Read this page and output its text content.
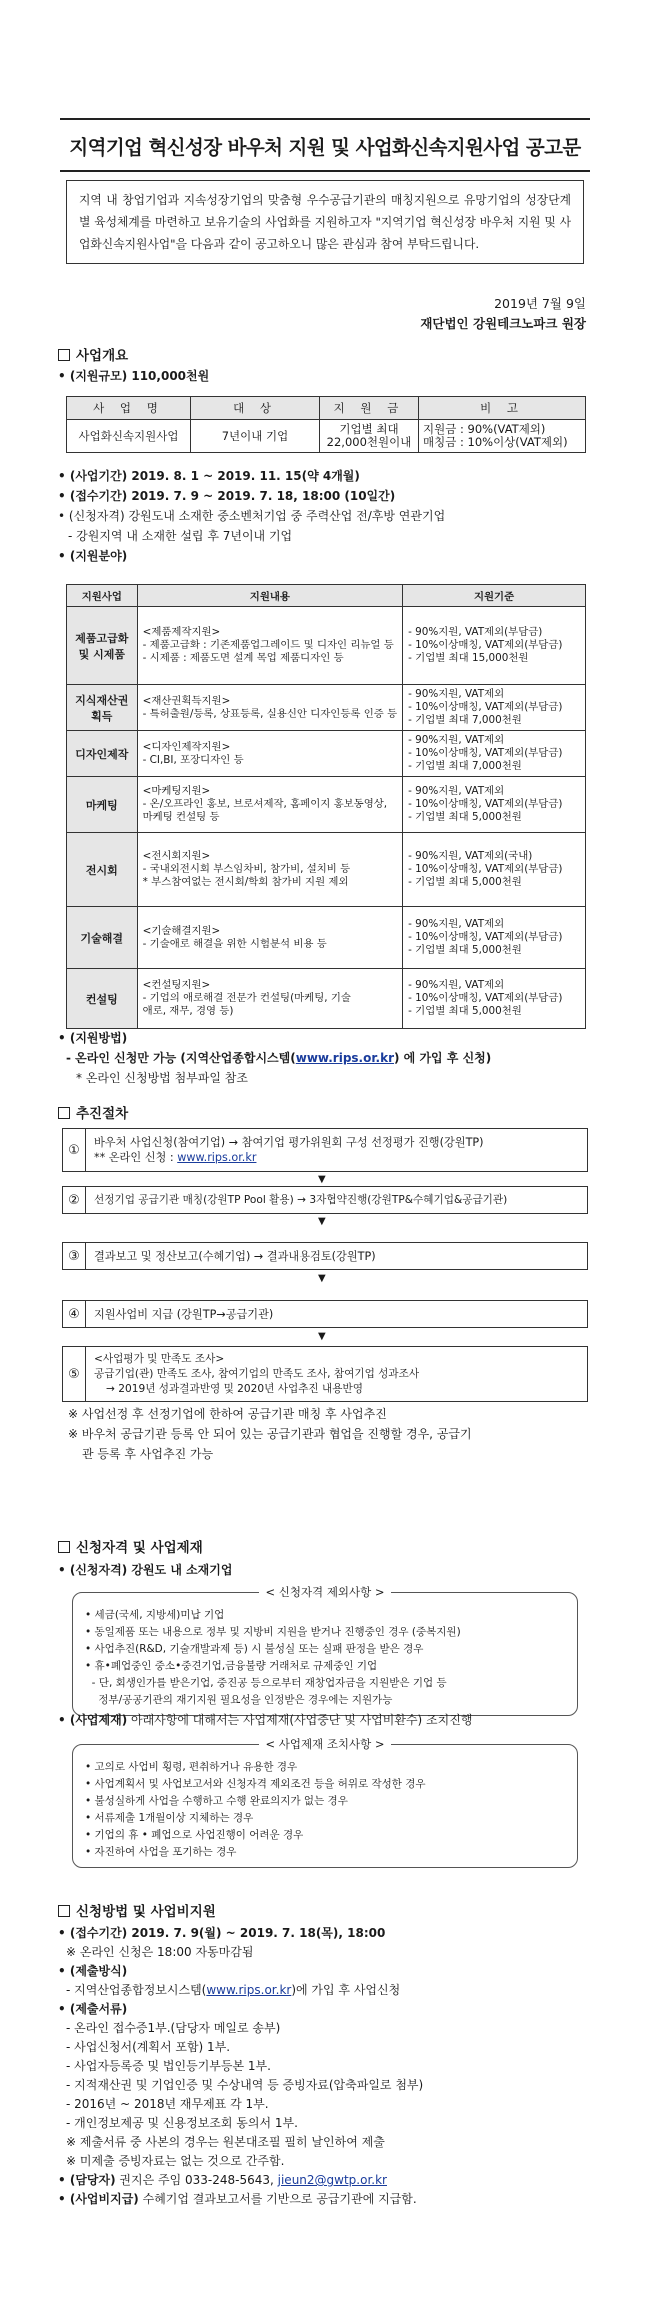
지역기업 혁신성장 바우처 지원 및 사업화신속지원사업 공고문
지역 내 창업기업과 지속성장기업의 맞춤형 우수공급기관의 매칭지원으로 유망기업의 성장단계별 육성체계를 마련하고 보유기술의 사업화를 지원하고자 "지역기업 혁신성장 바우처 지원 및 사업화신속지원사업"을 다음과 같이 공고하오니 많은 관심과 참여 부탁드립니다.
2019년 7월 9일
재단법인 강원테크노파크 원장
사업개요
• (지원규모) 110,000천원
사 업 명	대 상	지 원 금	비 고
사업화신속지원사업	7년이내 기업	기업별 최대
22,000천원이내	지원금 : 90%(VAT제외)
매칭금 : 10%이상(VAT제외)
• (사업기간) 2019. 8. 1 ~ 2019. 11. 15(약 4개월)
• (접수기간) 2019. 7. 9 ~ 2019. 7. 18, 18:00 (10일간)
• (신청자격) 강원도내 소재한 중소벤처기업 중 주력산업 전/후방 연관기업
- 강원지역 내 소재한 설립 후 7년이내 기업
• (지원분야)
지원사업	지원내용	지원기준
제품고급화 및 시제품	<제품제작지원>
- 제품고급화 : 기존제품업그레이드 및 디자인 리뉴얼 등
- 시제품 : 제품도면 설계 목업 제품디자인 등	- 90%지원, VAT제외(부담금)
- 10%이상매칭, VAT제외(부담금)
- 기업별 최대 15,000천원

지식재산권 획득	<재산권획득지원>
- 특허출원/등록, 상표등록, 실용신안 디자인등록 인증 등	- 90%지원, VAT제외
- 10%이상매칭, VAT제외(부담금)
- 기업별 최대 7,000천원

디자인제작	<디자인제작지원>
- CI,BI, 포장디자인 등	- 90%지원, VAT제외
- 10%이상매칭, VAT제외(부담금)
- 기업별 최대 7,000천원

마케팅	<마케팅지원>
- 온/오프라인 홍보, 브로셔제작, 홈페이지 홍보동영상,
마케팅 컨설팅 등	- 90%지원, VAT제외
- 10%이상매칭, VAT제외(부담금)
- 기업별 최대 5,000천원

전시회	<전시회지원>
- 국내외전시회 부스임차비, 참가비, 설치비 등
* 부스참여없는 전시회/학회 참가비 지원 제외	- 90%지원, VAT제외(국내)
- 10%이상매칭, VAT제외(부담금)
- 기업별 최대 5,000천원

기술해결	<기술해결지원>
- 기술애로 해결을 위한 시험분석 비용 등	- 90%지원, VAT제외
- 10%이상매칭, VAT제외(부담금)
- 기업별 최대 5,000천원

컨설팅	<컨설팅지원>
- 기업의 애로해결 전문가 컨설팅(마케팅, 기술
애로, 재무, 경영 등)	- 90%지원, VAT제외
- 10%이상매칭, VAT제외(부담금)
- 기업별 최대 5,000천원
• (지원방법)
- 온라인 신청만 가능 (지역산업종합시스템(www.rips.or.kr) 에 가입 후 신청)
* 온라인 신청방법 첨부파일 참조
추진절차
①	바우처 사업신청(참여기업) → 참여기업 평가위원회 구성 선정평가 진행(강원TP)
** 온라인 신청 : www.rips.or.kr
▼
②	선정기업 공급기관 매칭(강원TP Pool 활용) → 3자협약진행(강원TP&수혜기업&공급기관)
▼
③	결과보고 및 정산보고(수혜기업) → 결과내용검토(강원TP)
▼
④	지원사업비 지급 (강원TP→공급기관)
▼
⑤
<사업평가 및 만족도 조사>
공급기업(관) 만족도 조사, 참여기업의 만족도 조사, 참여기업 성과조사
→ 2019년 성과결과반영 및 2020년 사업추진 내용반영
※ 사업선정 후 선정기업에 한하여 공급기관 매칭 후 사업추진
※ 바우처 공급기관 등록 안 되어 있는 공급기관과 협업을 진행할 경우, 공급기
관 등록 후 사업추진 가능
신청자격 및 사업제재
• (신청자격) 강원도 내 소재기업
< 신청자격 제외사항 >
• 세금(국세, 지방세)미납 기업
• 동일제품 또는 내용으로 정부 및 지방비 지원을 받거나 진행중인 경우 (중복지원)
• 사업추진(R&D, 기술개발과제 등) 시 불성실 또는 실패 판정을 받은 경우
• 휴•폐업중인 중소•중견기업,금융불량 거래처로 규제중인 기업
- 단, 회생인가를 받은기업, 중진공 등으로부터 재창업자금을 지원받은 기업 등
정부/공공기관의 재기지원 필요성을 인정받은 경우에는 지원가능
• (사업제재) 아래사항에 대해서는 사업제재(사업중단 및 사업비환수) 조치진행
< 사업제재 조치사항 >
• 고의로 사업비 횡령, 편취하거나 유용한 경우
• 사업계획서 및 사업보고서와 신청자격 제외조건 등을 허위로 작성한 경우
• 불성실하게 사업을 수행하고 수행 완료의지가 없는 경우
• 서류제출 1개월이상 지체하는 경우
• 기업의 휴 • 폐업으로 사업진행이 어려운 경우
• 자진하여 사업을 포기하는 경우
신청방법 및 사업비지원
• (접수기간) 2019. 7. 9(월) ~ 2019. 7. 18(목), 18:00
※ 온라인 신청은 18:00 자동마감됨
• (제출방식)
- 지역산업종합정보시스템(www.rips.or.kr)에 가입 후 사업신청
• (제출서류)
- 온라인 접수증1부.(담당자 메일로 송부)
- 사업신청서(계획서 포함) 1부.
- 사업자등록증 및 법인등기부등본 1부.
- 지적재산권 및 기업인증 및 수상내역 등 증빙자료(압축파일로 첨부)
- 2016년 ~ 2018년 재무제표 각 1부.
- 개인정보제공 및 신용정보조회 동의서 1부.
※ 제출서류 중 사본의 경우는 원본대조필 필히 날인하여 제출
※ 미제출 증빙자료는 없는 것으로 간주함.
• (담당자) 권지은 주임 033-248-5643, jieun2@gwtp.or.kr
• (사업비지급) 수혜기업 결과보고서를 기반으로 공급기관에 지급함.
